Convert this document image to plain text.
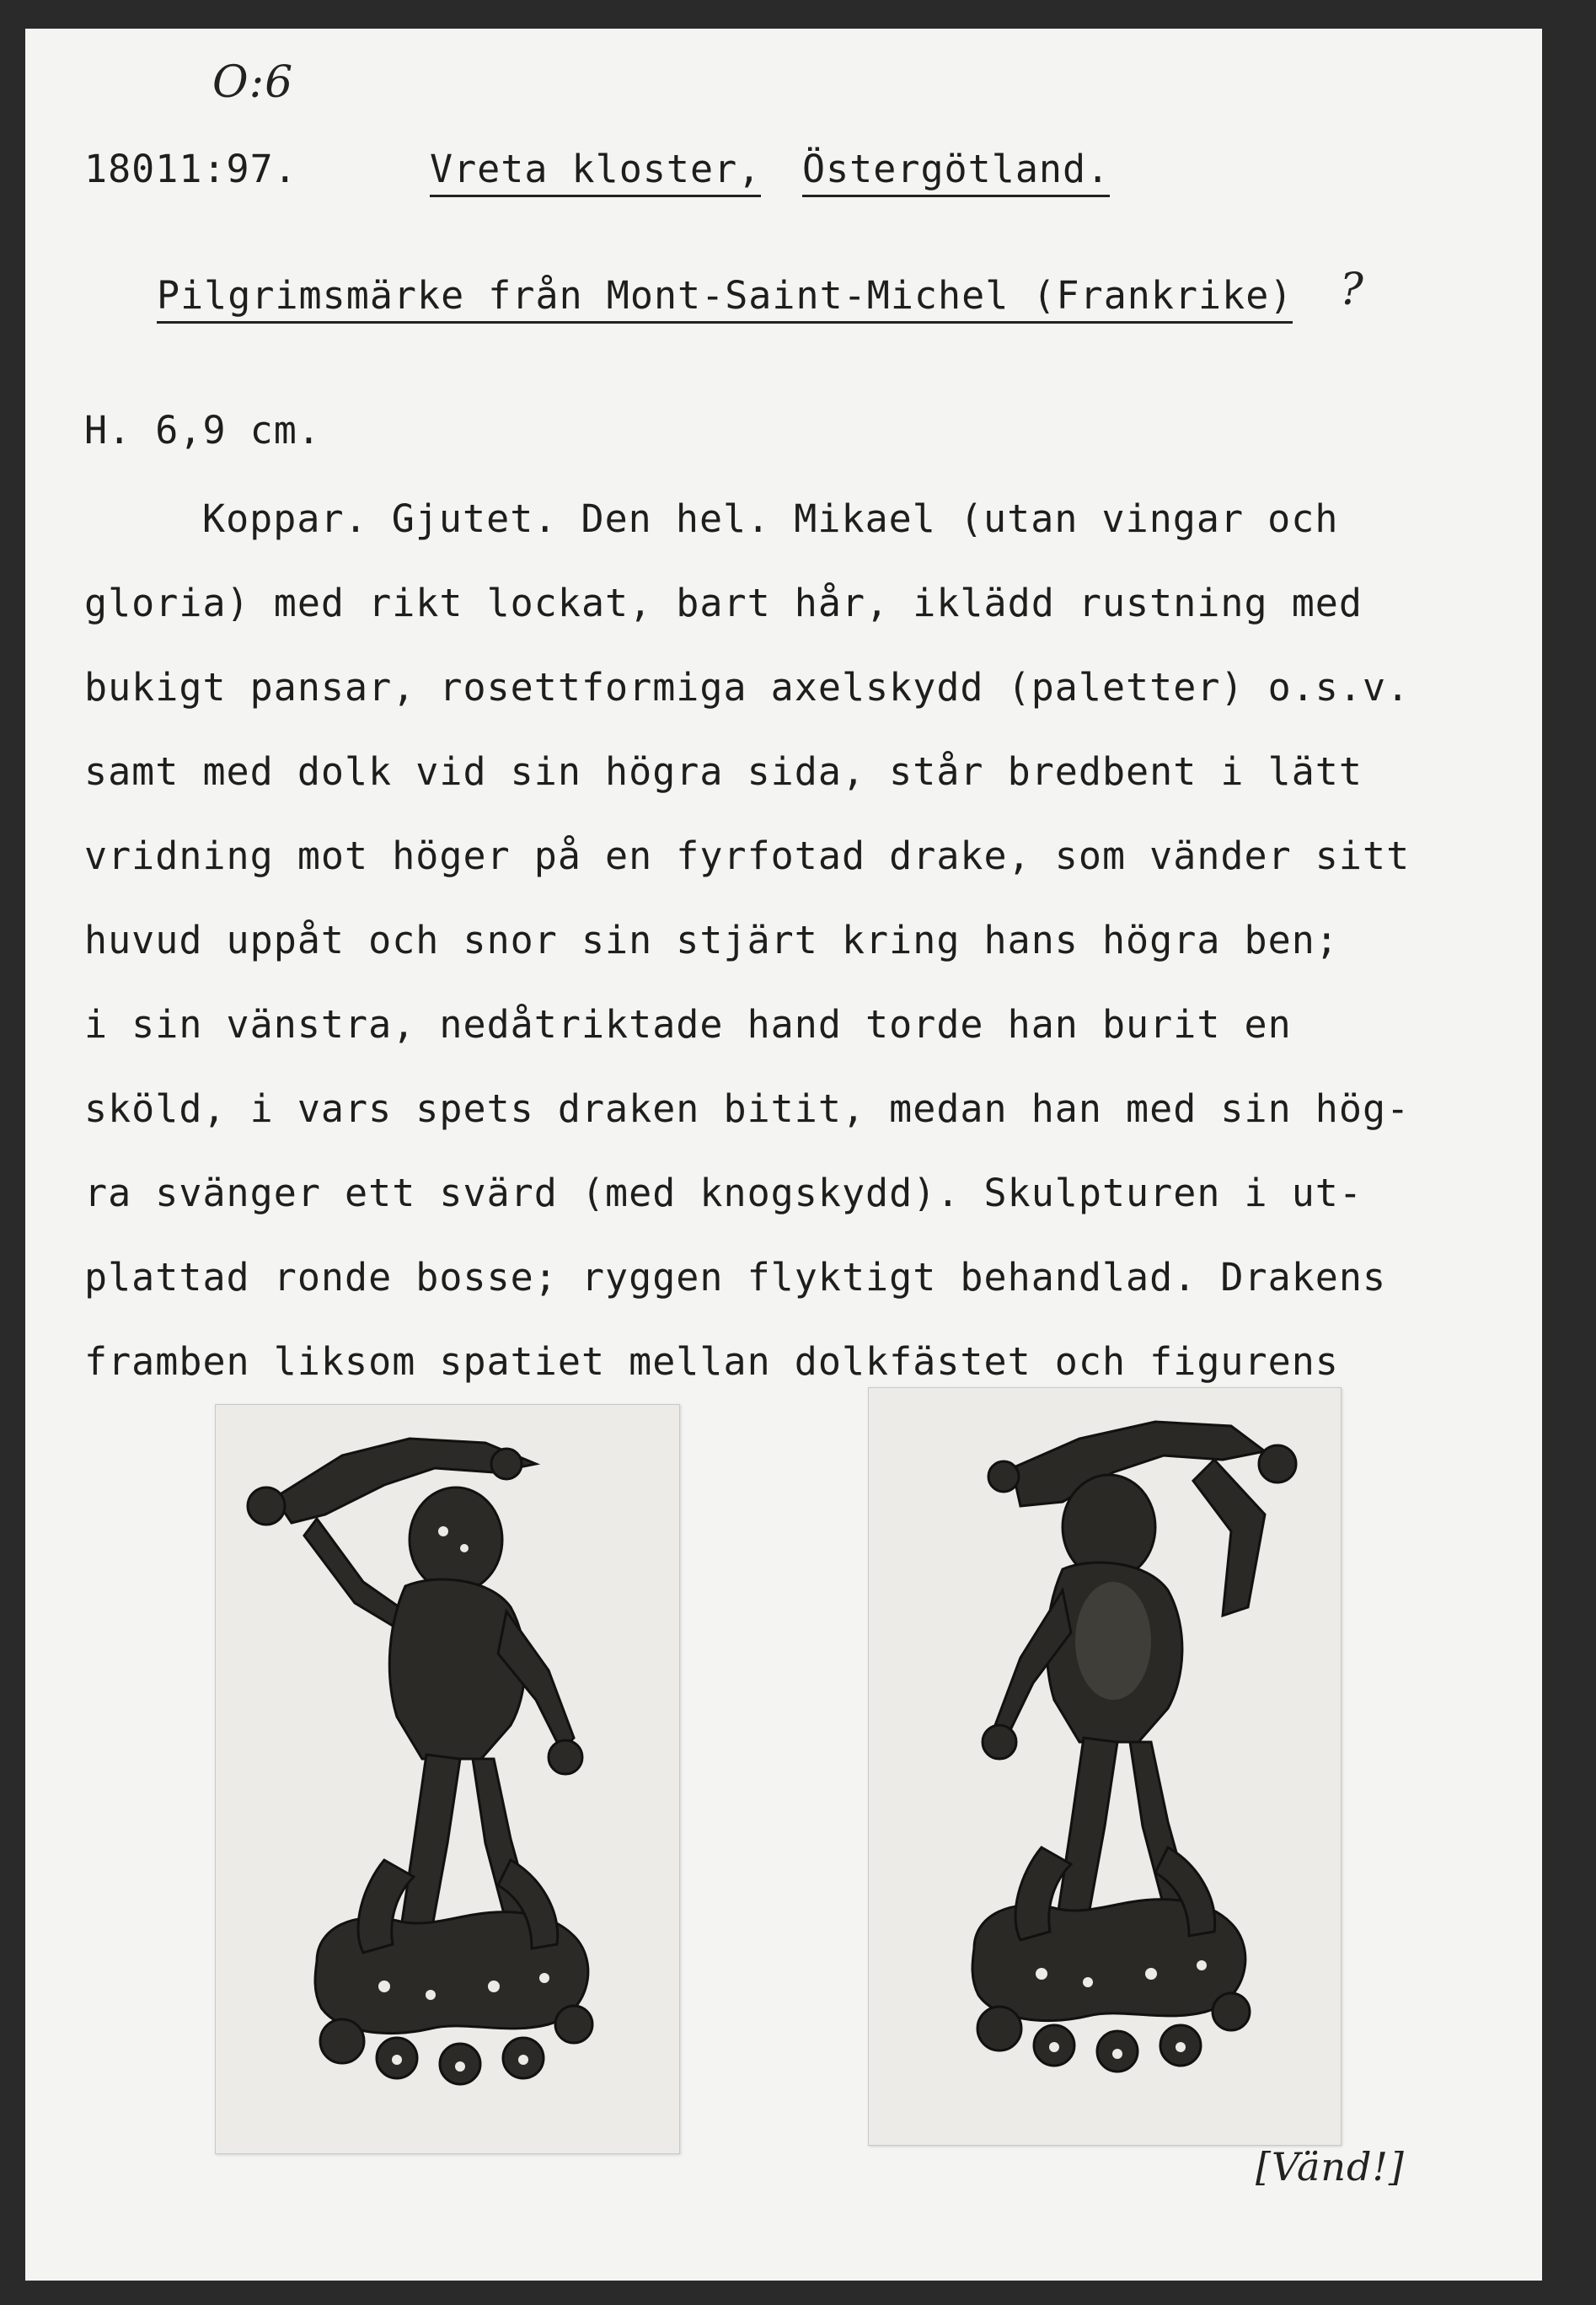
O:6
18011:97.	Vreta kloster, Östergötland.
Pilgrimsmärke från Mont-Saint-Michel (Frankrike) ?
H. 6,9 cm.
Koppar. Gjutet. Den hel. Mikael (utan vingar och
gloria) med rikt lockat, bart hår, iklädd rustning med
bukigt pansar, rosettformiga axelskydd (paletter) o.s.v.
samt med dolk vid sin högra sida, står bredbent i lätt
vridning mot höger på en fyrfotad drake, som vänder sitt
huvud uppåt och snor sin stjärt kring hans högra ben;
i sin vänstra, nedåtriktade hand torde han burit en
sköld, i vars spets draken bitit, medan han med sin hög-
ra svänger ett svärd (med knogskydd). Skulpturen i ut-
plattad ronde bosse; ryggen flyktigt behandlad. Drakens
framben liksom spatiet mellan dolkfästet och figurens
[Vänd!]
